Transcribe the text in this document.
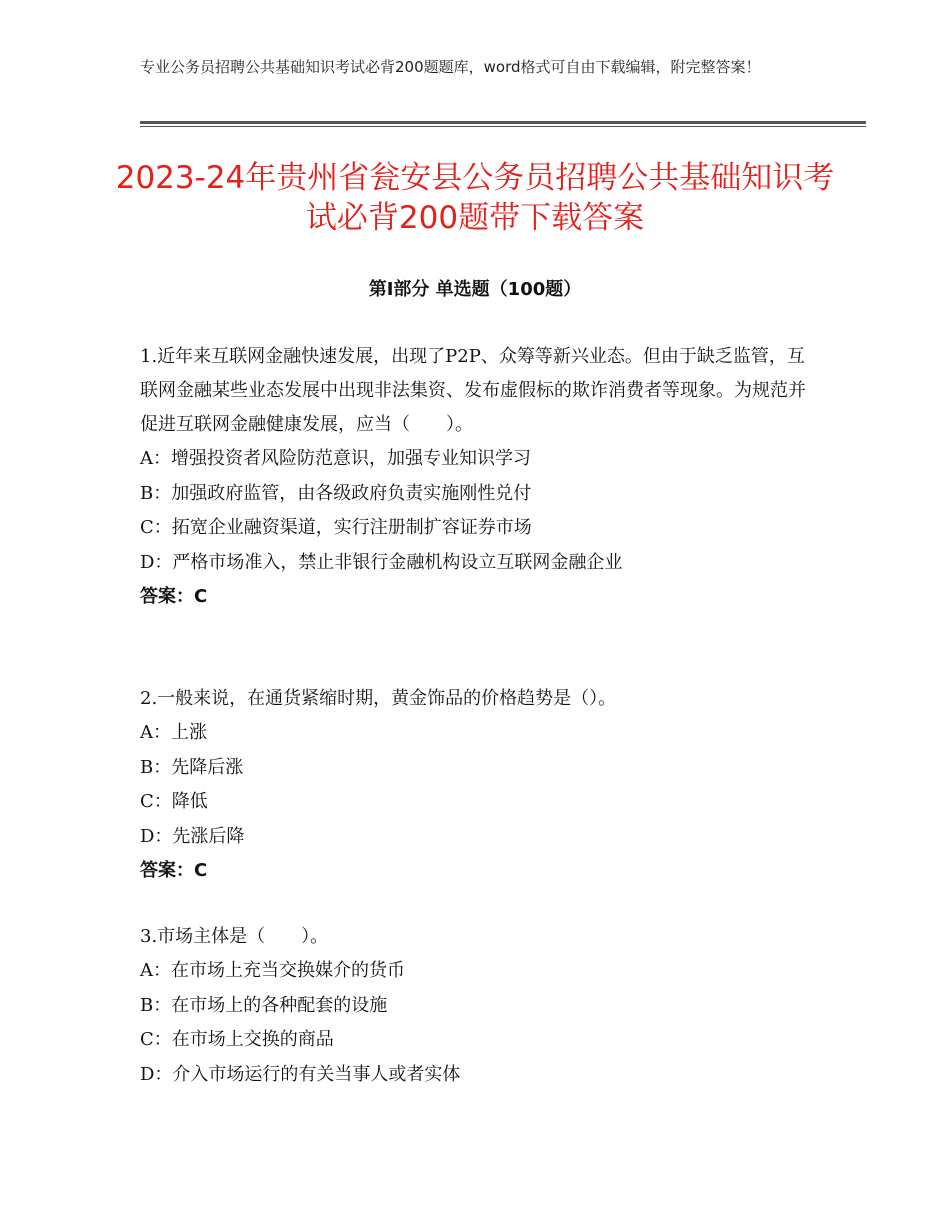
专业公务员招聘公共基础知识考试必背200题题库，word格式可自由下载编辑，附完整答案！
2023-24年贵州省瓮安县公务员招聘公共基础知识考试必背200题带下载答案
第Ⅰ部分 单选题（100题）

1.近年来互联网金融快速发展，出现了P2P、众筹等新兴业态。但由于缺乏监管，互联网金融某些业态发展中出现非法集资、发布虚假标的欺诈消费者等现象。为规范并促进互联网金融健康发展，应当（　　）。

A：增强投资者风险防范意识，加强专业知识学习

B：加强政府监管，由各级政府负责实施刚性兑付

C：拓宽企业融资渠道，实行注册制扩容证券市场

D：严格市场准入，禁止非银行金融机构设立互联网金融企业

答案：C

2.一般来说，在通货紧缩时期，黄金饰品的价格趋势是（）。

A：上涨

B：先降后涨

C：降低

D：先涨后降

答案：C

3.市场主体是（　　）。

A：在市场上充当交换媒介的货币

B：在市场上的各种配套的设施

C：在市场上交换的商品

D：介入市场运行的有关当事人或者实体
